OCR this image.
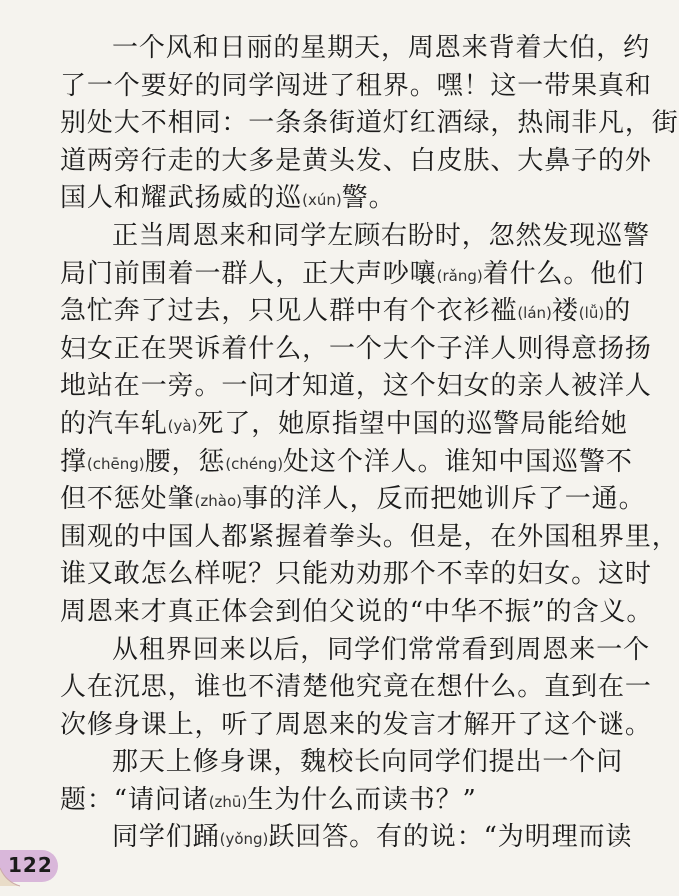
一个风和日丽的星期天，周恩来背着大伯，约
了一个要好的同学闯进了租界。嘿！这一带果真和
别处大不相同：一条条街道灯红酒绿，热闹非凡，街
道两旁行走的大多是黄头发、白皮肤、大鼻子的外
国人和耀武扬威的巡(xún)警。
正当周恩来和同学左顾右盼时，忽然发现巡警
局门前围着一群人，正大声吵嚷(rǎng)着什么。他们
急忙奔了过去，只见人群中有个衣衫褴(lán)褛(lǚ)的
妇女正在哭诉着什么，一个大个子洋人则得意扬扬
地站在一旁。一问才知道，这个妇女的亲人被洋人
的汽车轧(yà)死了，她原指望中国的巡警局能给她
撑(chēng)腰，惩(chéng)处这个洋人。谁知中国巡警不
但不惩处肇(zhào)事的洋人，反而把她训斥了一通。
围观的中国人都紧握着拳头。但是，在外国租界里，
谁又敢怎么样呢？只能劝劝那个不幸的妇女。这时
周恩来才真正体会到伯父说的“中华不振”的含义。
从租界回来以后，同学们常常看到周恩来一个
人在沉思，谁也不清楚他究竟在想什么。直到在一
次修身课上，听了周恩来的发言才解开了这个谜。
那天上修身课，魏校长向同学们提出一个问
题：“请问诸(zhū)生为什么而读书？”
同学们踊(yǒng)跃回答。有的说：“为明理而读
122
